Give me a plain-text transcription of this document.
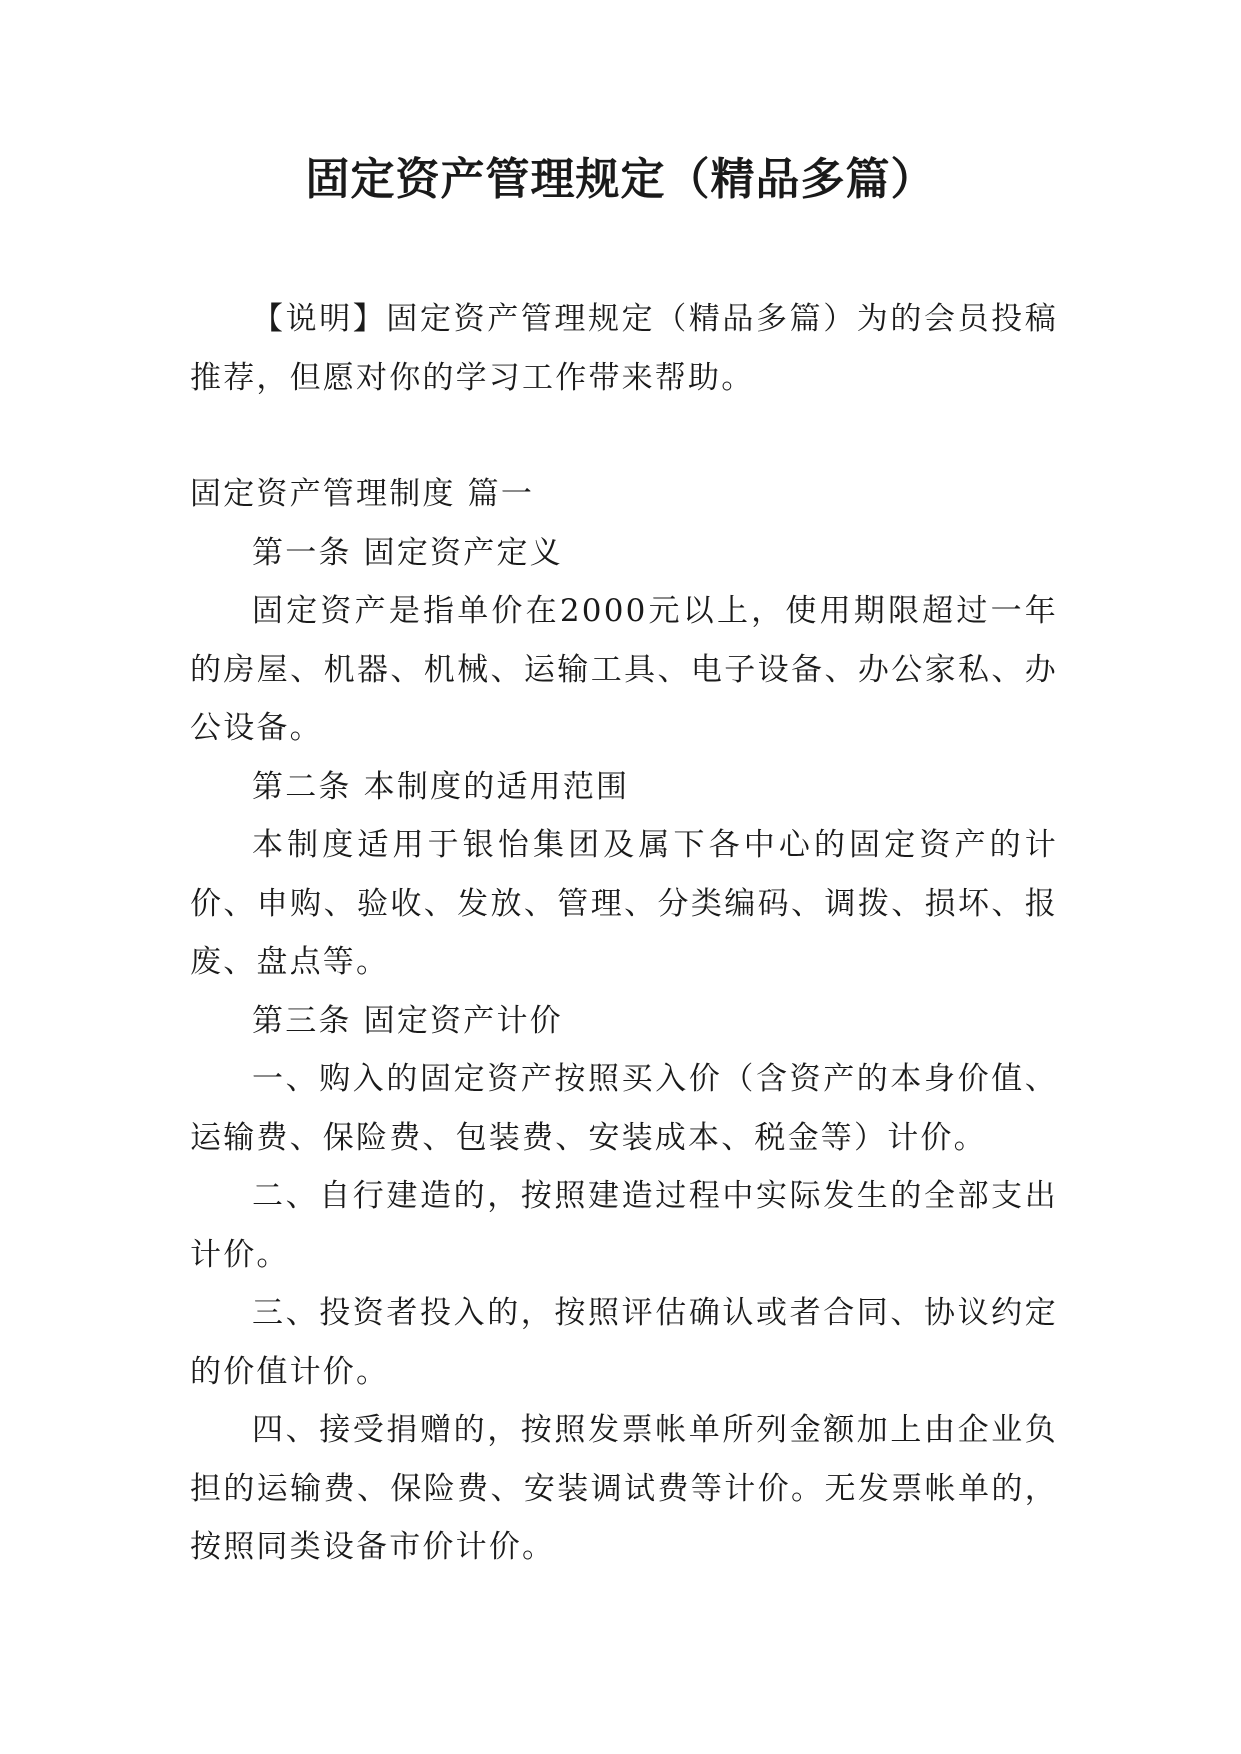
固定资产管理规定（精品多篇）

【说明】固定资产管理规定（精品多篇）为的会员投稿推荐，但愿对你的学习工作带来帮助。

固定资产管理制度 篇一

第一条 固定资产定义

固定资产是指单价在2000元以上，使用期限超过一年的房屋、机器、机械、运输工具、电子设备、办公家私、办公设备。

第二条 本制度的适用范围

本制度适用于银怡集团及属下各中心的固定资产的计价、申购、验收、发放、管理、分类编码、调拨、损坏、报废、盘点等。

第三条 固定资产计价

一、购入的固定资产按照买入价（含资产的本身价值、运输费、保险费、包装费、安装成本、税金等）计价。

二、自行建造的，按照建造过程中实际发生的全部支出计价。

三、投资者投入的，按照评估确认或者合同、协议约定的价值计价。

四、接受捐赠的，按照发票帐单所列金额加上由企业负担的运输费、保险费、安装调试费等计价。无发票帐单的，按照同类设备市价计价。
